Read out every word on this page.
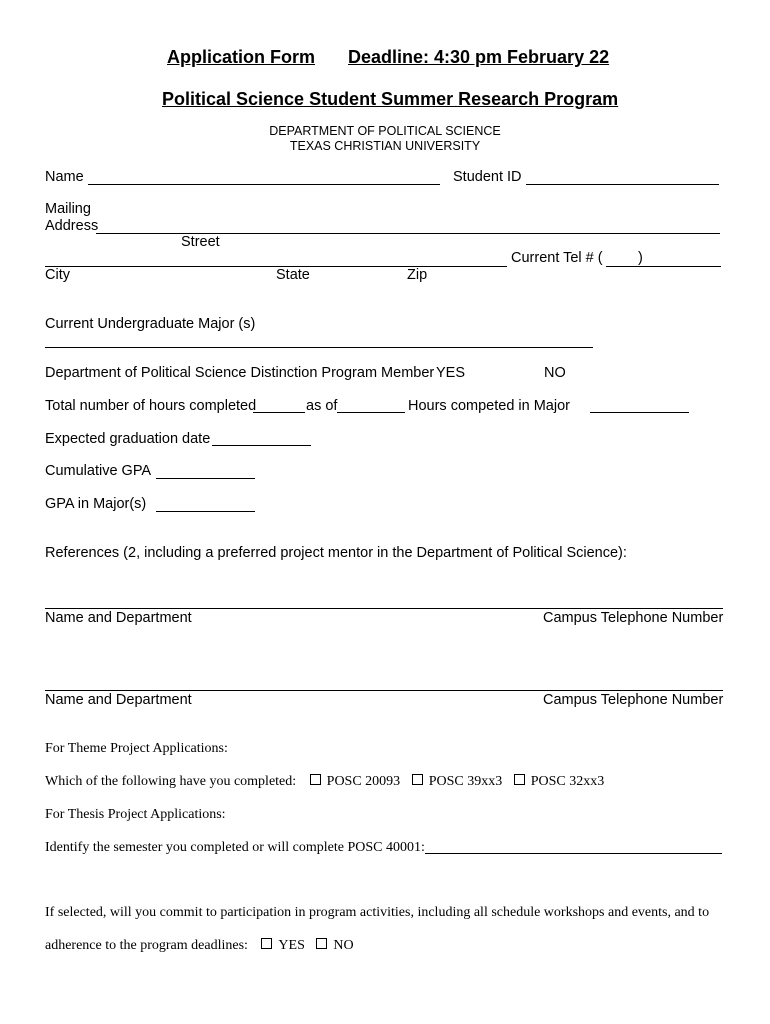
Application Form Deadline: 4:30 pm February 22
Political Science Student Summer Research Program
DEPARTMENT OF POLITICAL SCIENCE
TEXAS CHRISTIAN UNIVERSITY
Name	Student ID
Mailing
Address
Street
Current Tel # ( )
City	State	Zip
Current Undergraduate Major (s)
Department of Political Science Distinction Program Member YES	NO
Total number of hours completed	as of	Hours competed in Major
Expected graduation date
Cumulative GPA
GPA in Major(s)
References (2, including a preferred project mentor in the Department of Political Science):
Name and Department	Campus Telephone Number
Name and Department	Campus Telephone Number
For Theme Project Applications:
Which of the following have you completed: POSC 20093 POSC 39xx3 POSC 32xx3
For Thesis Project Applications:
Identify the semester you completed or will complete POSC 40001:
If selected, will you commit to participation in program activities, including all schedule workshops and events, and to
adherence to the program deadlines: YES NO
